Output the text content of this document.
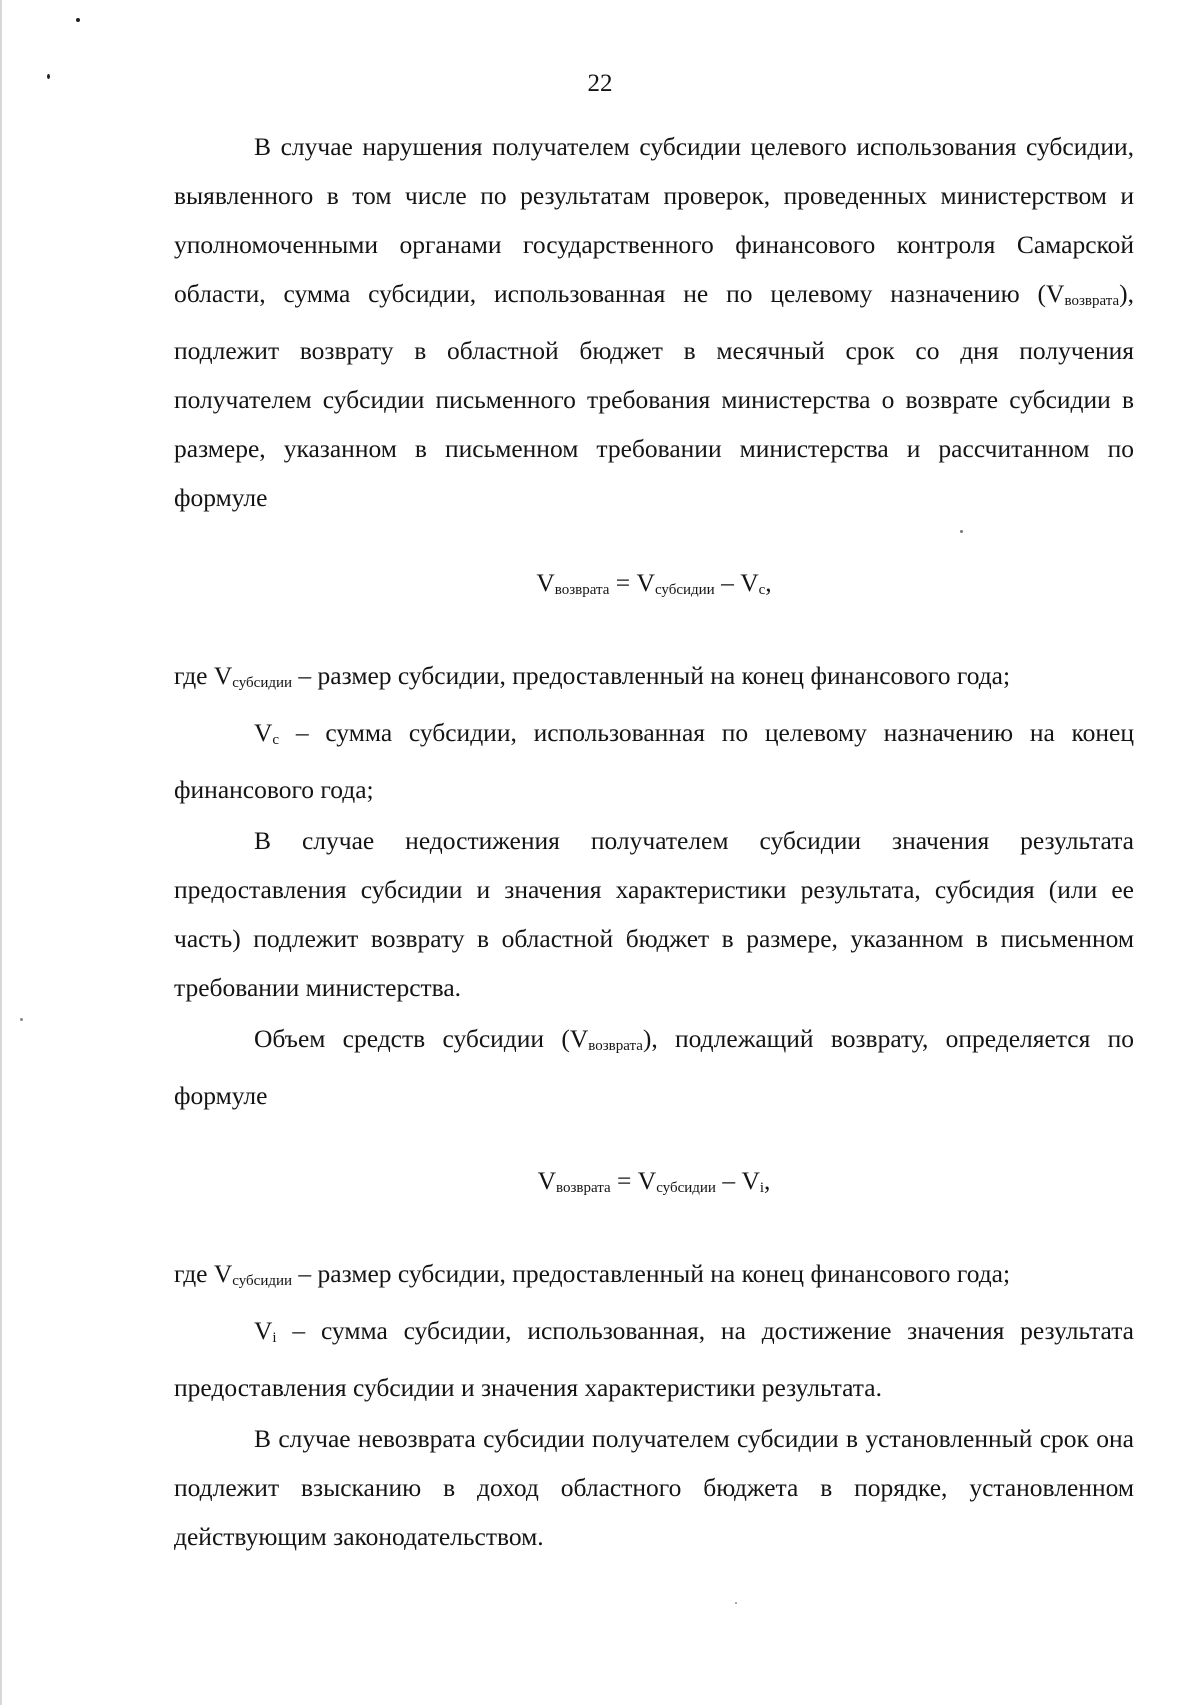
22

В случае нарушения получателем субсидии целевого использования субсидии, выявленного в том числе по результатам проверок, проведенных министерством и уполномоченными органами государственного финансового контроля Самарской области, сумма субсидии, использованная не по целевому назначению $(V_{возврата})$, подлежит возврату в областной бюджет в месячный срок со дня получения получателем субсидии письменного требования министерства о возврате субсидии в размере, указанном в письменном требовании министерства и рассчитанном по формуле

$V_{возврата} = V_{субсидии} - V_c$,

где $V_{субсидии}$ – размер субсидии, предоставленный на конец финансового года;

$V_c$ – сумма субсидии, использованная по целевому назначению на конец финансового года;

В случае недостижения получателем субсидии значения результата предоставления субсидии и значения характеристики результата, субсидия (или ее часть) подлежит возврату в областной бюджет в размере, указанном в письменном требовании министерства.

Объем средств субсидии $(V_{возврата})$, подлежащий возврату, определяется по формуле

$V_{возврата} = V_{субсидии} - V_i$,

где $V_{субсидии}$ – размер субсидии, предоставленный на конец финансового года;

$V_i$ – сумма субсидии, использованная, на достижение значения результата предоставления субсидии и значения характеристики результата.

В случае невозврата субсидии получателем субсидии в установленный срок она подлежит взысканию в доход областного бюджета в порядке, установленном действующим законодательством.
